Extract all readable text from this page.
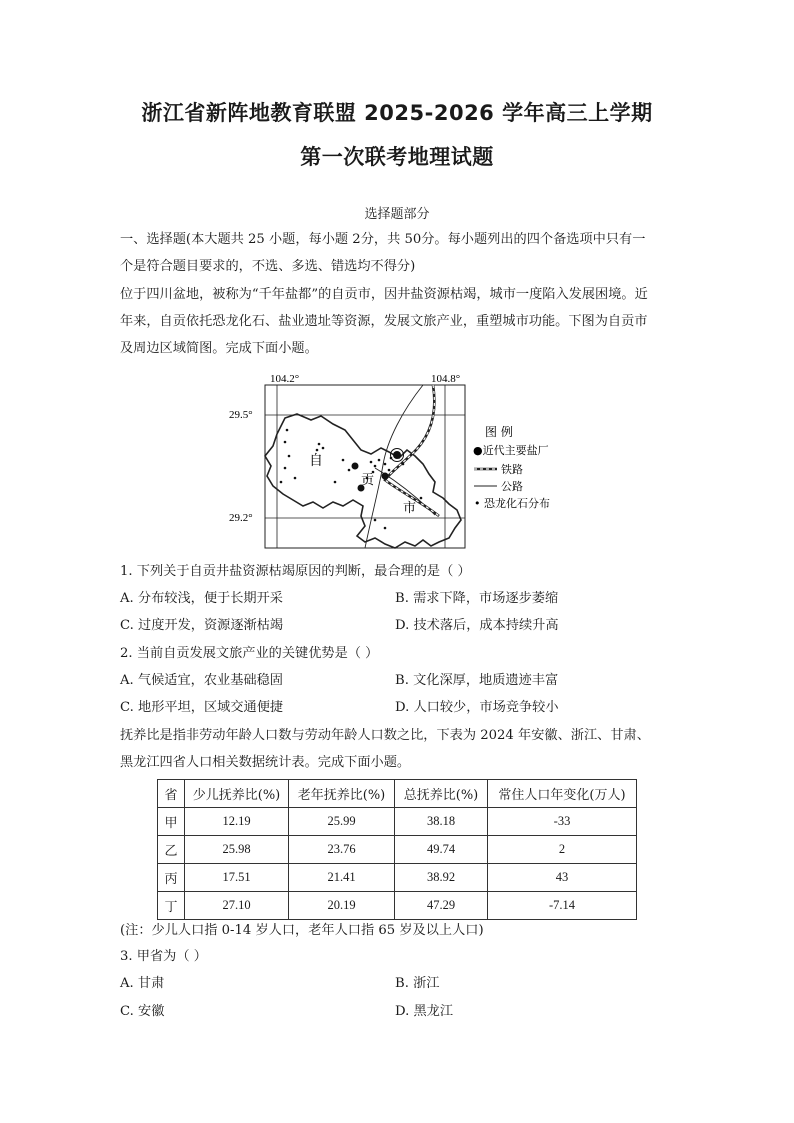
浙江省新阵地教育联盟 2025-2026 学年高三上学期
第一次联考地理试题
选择题部分
一、选择题(本大题共 25 小题，每小题 2分，共 50分。每小题列出的四个备选项中只有一
个是符合题目要求的，不选、多选、错选均不得分)
位于四川盆地，被称为“千年盐都”的自贡市，因井盐资源枯竭，城市一度陷入发展困境。近
年来，自贡依托恐龙化石、盐业遗址等资源，发展文旅产业，重塑城市功能。下图为自贡市
及周边区域简图。完成下面小题。
104.2°	104.8°
29.5°
29.2°
自
贡
市
图 例
●近代主要盐厂
铁路
公路
• 恐龙化石分布
1. 下列关于自贡井盐资源枯竭原因的判断，最合理的是（ ）
A. 分布较浅，便于长期开采	B. 需求下降，市场逐步萎缩
C. 过度开发，资源逐渐枯竭	D. 技术落后，成本持续升高
2. 当前自贡发展文旅产业的关键优势是（ ）
A. 气候适宜，农业基础稳固	B. 文化深厚，地质遗迹丰富
C. 地形平坦，区域交通便捷	D. 人口较少，市场竞争较小
抚养比是指非劳动年龄人口数与劳动年龄人口数之比，下表为 2024 年安徽、浙江、甘肃、
黑龙江四省人口相关数据统计表。完成下面小题。
省	少儿抚养比(%)	老年抚养比(%)	总抚养比(%)	常住人口年变化(万人)
甲	12.19	25.99	38.18	-33
乙	25.98	23.76	49.74	2
丙	17.51	21.41	38.92	43
丁	27.10	20.19	47.29	-7.14
(注：少儿人口指 0-14 岁人口，老年人口指 65 岁及以上人口)
3. 甲省为（ ）
A. 甘肃	B. 浙江
C. 安徽	D. 黑龙江
